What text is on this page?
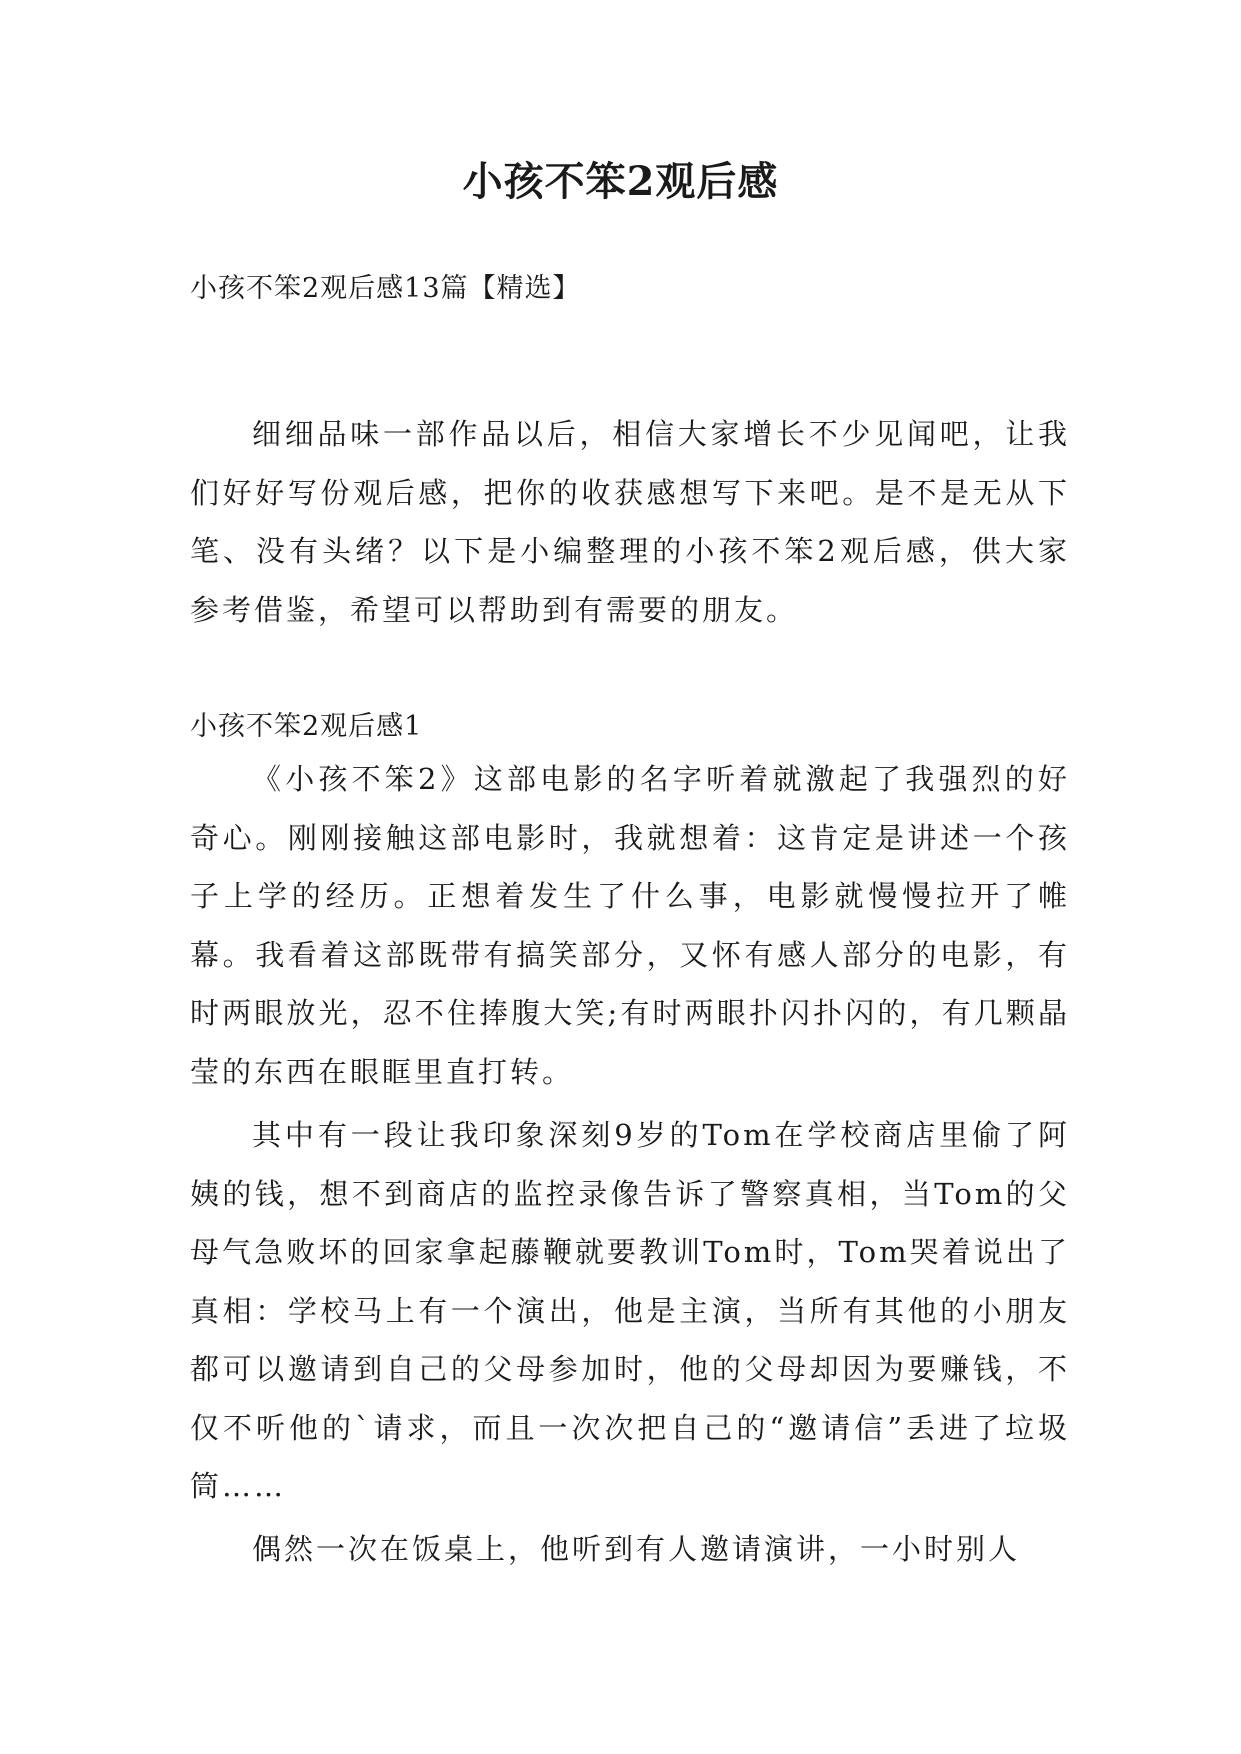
小孩不笨2观后感

小孩不笨2观后感13篇【精选】

细细品味一部作品以后，相信大家增长不少见闻吧，让我们好好写份观后感，把你的收获感想写下来吧。是不是无从下笔、没有头绪？以下是小编整理的小孩不笨2观后感，供大家参考借鉴，希望可以帮助到有需要的朋友。

小孩不笨2观后感1

《小孩不笨2》这部电影的名字听着就激起了我强烈的好奇心。刚刚接触这部电影时，我就想着：这肯定是讲述一个孩子上学的经历。正想着发生了什么事，电影就慢慢拉开了帷幕。我看着这部既带有搞笑部分，又怀有感人部分的电影，有时两眼放光，忍不住捧腹大笑;有时两眼扑闪扑闪的，有几颗晶莹的东西在眼眶里直打转。

其中有一段让我印象深刻9岁的Tom在学校商店里偷了阿姨的钱，想不到商店的监控录像告诉了警察真相，当Tom的父母气急败坏的回家拿起藤鞭就要教训Tom时，Tom哭着说出了真相：学校马上有一个演出，他是主演，当所有其他的小朋友都可以邀请到自己的父母参加时，他的父母却因为要赚钱，不仅不听他的`请求，而且一次次把自己的“邀请信”丢进了垃圾筒……

偶然一次在饭桌上，他听到有人邀请演讲，一小时别人
